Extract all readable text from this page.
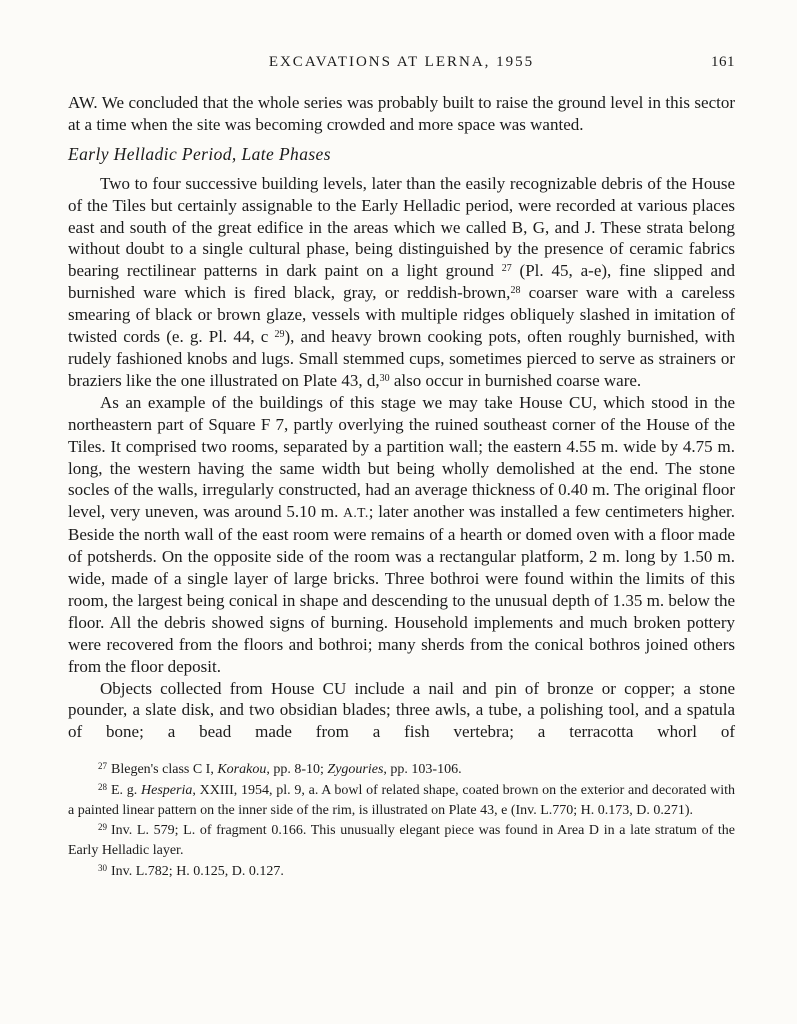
EXCAVATIONS AT LERNA, 1955	161

AW. We concluded that the whole series was probably built to raise the ground level in this sector at a time when the site was becoming crowded and more space was wanted.

Early Helladic Period, Late Phases

Two to four successive building levels, later than the easily recognizable debris of the House of the Tiles but certainly assignable to the Early Helladic period, were recorded at various places east and south of the great edifice in the areas which we called B, G, and J. These strata belong without doubt to a single cultural phase, being distinguished by the presence of ceramic fabrics bearing rectilinear patterns in dark paint on a light ground $^{27}$ (Pl. 45, a-e), fine slipped and burnished ware which is fired black, gray, or reddish-brown,$^{28}$ coarser ware with a careless smearing of black or brown glaze, vessels with multiple ridges obliquely slashed in imitation of twisted cords (e. g. Pl. 44, c $^{29}$), and heavy brown cooking pots, often roughly burnished, with rudely fashioned knobs and lugs. Small stemmed cups, sometimes pierced to serve as strainers or braziers like the one illustrated on Plate 43, d,$^{30}$ also occur in burnished coarse ware.

As an example of the buildings of this stage we may take House CU, which stood in the northeastern part of Square F 7, partly overlying the ruined southeast corner of the House of the Tiles. It comprised two rooms, separated by a partition wall; the eastern 4.55 m. wide by 4.75 m. long, the western having the same width but being wholly demolished at the end. The stone socles of the walls, irregularly constructed, had an average thickness of 0.40 m. The original floor level, very uneven, was around 5.10 m. A.T.; later another was installed a few centimeters higher. Beside the north wall of the east room were remains of a hearth or domed oven with a floor made of potsherds. On the opposite side of the room was a rectangular platform, 2 m. long by 1.50 m. wide, made of a single layer of large bricks. Three bothroi were found within the limits of this room, the largest being conical in shape and descending to the unusual depth of 1.35 m. below the floor. All the debris showed signs of burning. Household implements and much broken pottery were recovered from the floors and bothroi; many sherds from the conical bothros joined others from the floor deposit.

Objects collected from House CU include a nail and pin of bronze or copper; a stone pounder, a slate disk, and two obsidian blades; three awls, a tube, a polishing tool, and a spatula of bone; a bead made from a fish vertebra; a terracotta whorl of

$^{27}$ Blegen's class C I, Korakou, pp. 8-10; Zygouries, pp. 103-106.

$^{28}$ E. g. Hesperia, XXIII, 1954, pl. 9, a. A bowl of related shape, coated brown on the exterior and decorated with a painted linear pattern on the inner side of the rim, is illustrated on Plate 43, e (Inv. L.770; H. 0.173, D. 0.271).

$^{29}$ Inv. L. 579; L. of fragment 0.166. This unusually elegant piece was found in Area D in a late stratum of the Early Helladic layer.

$^{30}$ Inv. L.782; H. 0.125, D. 0.127.
